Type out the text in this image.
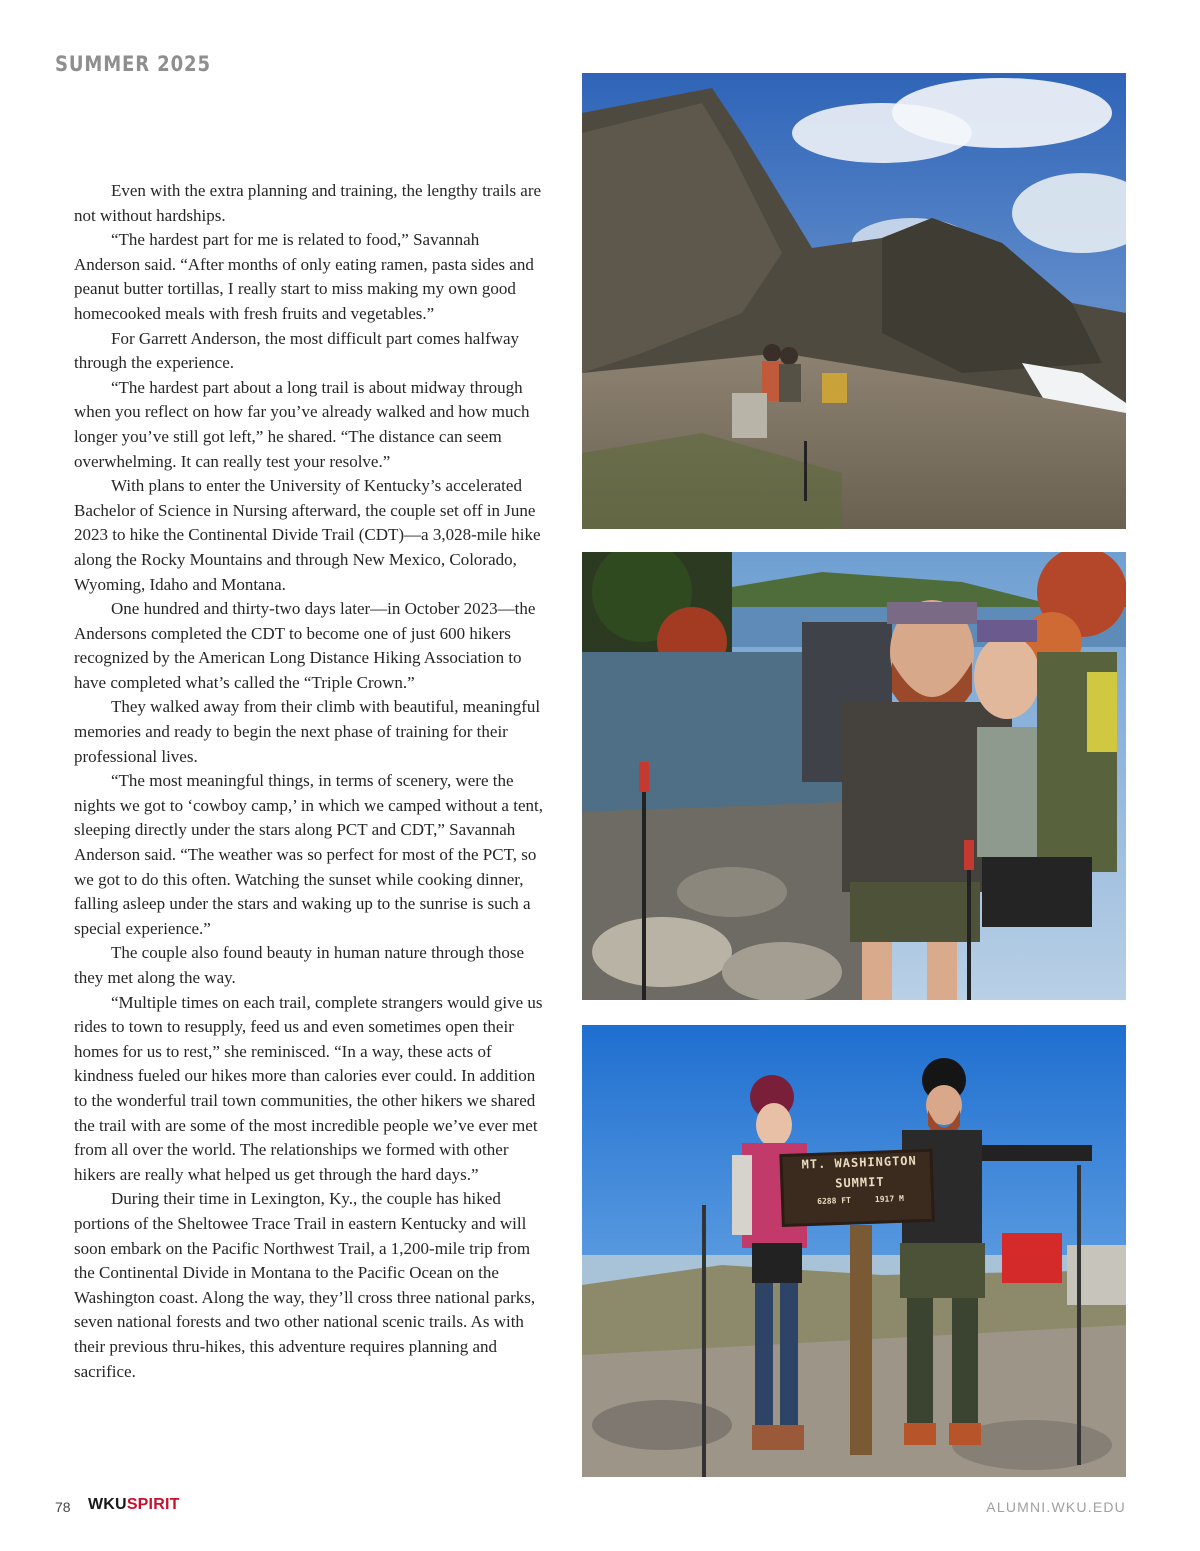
SUMMER 2025

Even with the extra planning and training, the lengthy trails are not without hardships.

“The hardest part for me is related to food,” Savannah Anderson said. “After months of only eating ramen, pasta sides and peanut butter tortillas, I really start to miss making my own good homecooked meals with fresh fruits and vegetables.”

For Garrett Anderson, the most difficult part comes halfway through the experience.

“The hardest part about a long trail is about midway through when you reflect on how far you’ve already walked and how much longer you’ve still got left,” he shared. “The distance can seem overwhelming. It can really test your resolve.”

With plans to enter the University of Kentucky’s accelerated Bachelor of Science in Nursing afterward, the couple set off in June 2023 to hike the Continental Divide Trail (CDT)—a 3,028-mile hike along the Rocky Mountains and through New Mexico, Colorado, Wyoming, Idaho and Montana.

One hundred and thirty-two days later—in October 2023—the Andersons completed the CDT to become one of just 600 hikers recognized by the American Long Distance Hiking Association to have completed what’s called the “Triple Crown.”

They walked away from their climb with beautiful, meaningful memories and ready to begin the next phase of training for their professional lives.

“The most meaningful things, in terms of scenery, were the nights we got to ‘cowboy camp,’ in which we camped without a tent, sleeping directly under the stars along PCT and CDT,” Savannah Anderson said. “The weather was so perfect for most of the PCT, so we got to do this often. Watching the sunset while cooking dinner, falling asleep under the stars and waking up to the sunrise is such a special experience.”

The couple also found beauty in human nature through those they met along the way.

“Multiple times on each trail, complete strangers would give us rides to town to resupply, feed us and even sometimes open their homes for us to rest,” she reminisced. “In a way, these acts of kindness fueled our hikes more than calories ever could. In addition to the wonderful trail town communities, the other hikers we shared the trail with are some of the most incredible people we’ve ever met from all over the world. The relationships we formed with other hikers are really what helped us get through the hard days.”

During their time in Lexington, Ky., the couple has hiked portions of the Sheltowee Trace Trail in eastern Kentucky and will soon embark on the Pacific Northwest Trail, a 1,200-mile trip from the Continental Divide in Montana to the Pacific Ocean on the Washington coast. Along the way, they’ll cross three national parks, seven national forests and two other national scenic trails. As with their previous thru-hikes, this adventure requires planning and sacrifice.

MT. WASHINGTON
SUMMIT
6288 FT     1917 M
78 WKUSPIRIT	ALUMNI.WKU.EDU
